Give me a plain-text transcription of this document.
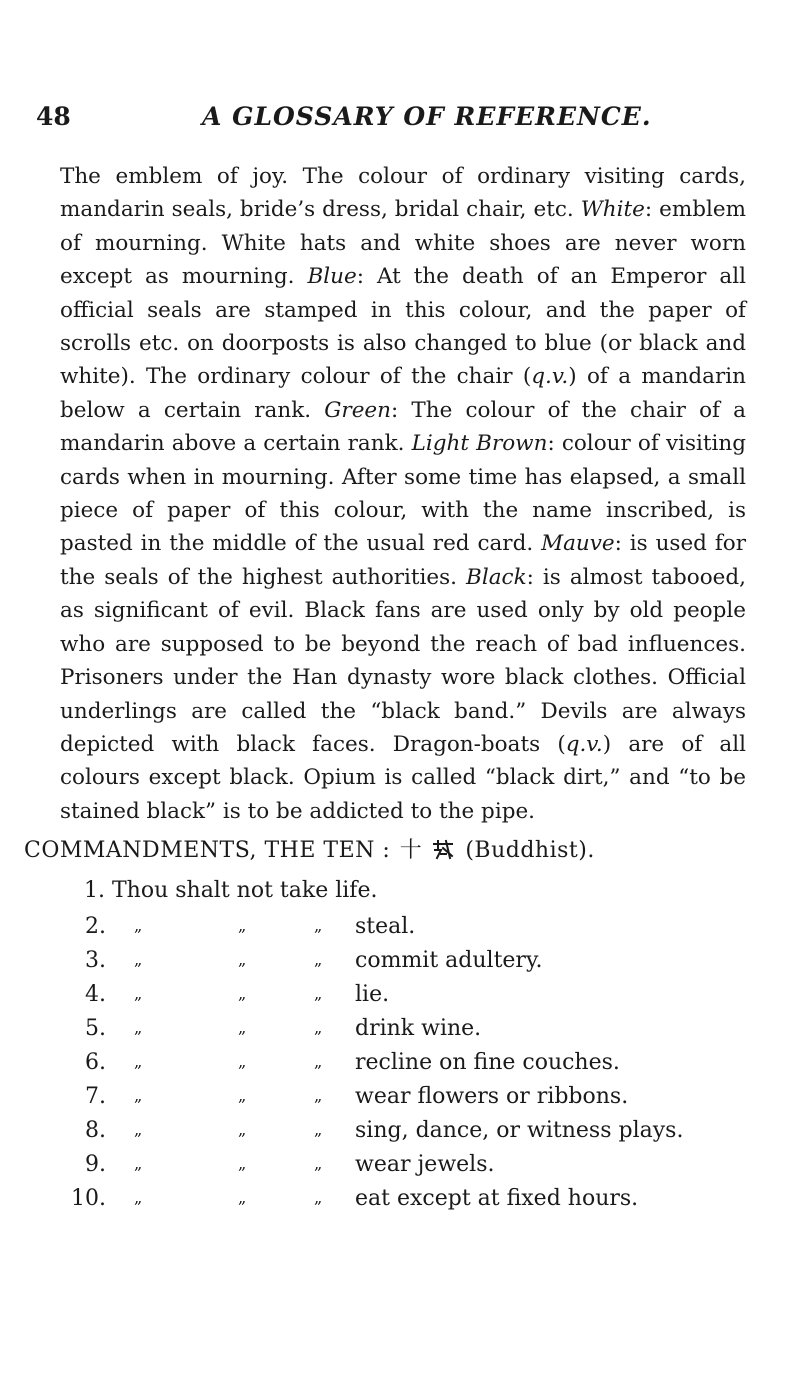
48	A GLOSSARY OF REFERENCE.
The emblem of joy. The colour of ordinary visiting cards, mandarin seals, bride’s dress, bridal chair, etc. White: emblem of mourning. White hats and white shoes are never worn except as mourning. Blue: At the death of an Emperor all official seals are stamped in this colour, and the paper of scrolls etc. on doorposts is also changed to blue (or black and white). The ordinary colour of the chair (q.v.) of a mandarin below a certain rank. Green: The colour of the chair of a mandarin above a certain rank. Light Brown: colour of visiting cards when in mourning. After some time has elapsed, a small piece of paper of this colour, with the name inscribed, is pasted in the middle of the usual red card. Mauve: is used for the seals of the highest authorities. Black: is almost tabooed, as significant of evil. Black fans are used only by old people who are supposed to be beyond the reach of bad influences. Prisoners under the Han dynasty wore black clothes. Official underlings are called the “black band.” Devils are always depicted with black faces. Dragon-boats (q.v.) are of all colours except black. Opium is called “black dirt,” and “to be stained black” is to be addicted to the pipe.
COMMANDMENTS, THE TEN : 十 (Buddhist).
1. Thou shalt not take life.
2. „	„	„ steal.
3. „	„	„ commit adultery.
4. „	„	„ lie.
5. „	„	„ drink wine.
6. „	„	„ recline on fine couches.
7. „	„	„ wear flowers or ribbons.
8. „	„	„ sing, dance, or witness plays.
9. „	„	„ wear jewels.
10. „	„	„ eat except at fixed hours.
